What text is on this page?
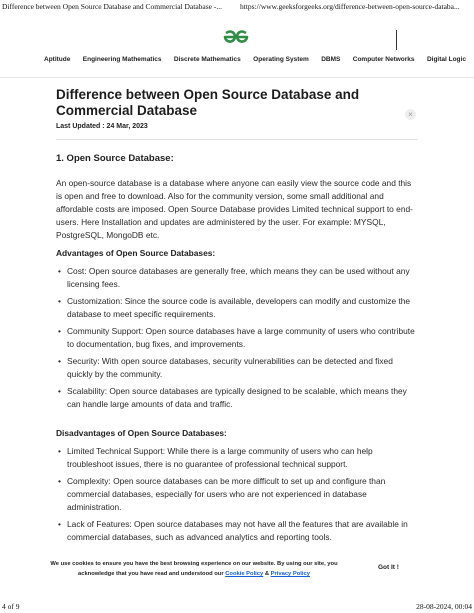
Difference between Open Source Database and Commercial Database -... https://www.geeksforgeeks.org/difference-between-open-source-databa...
Aptitude Engineering Mathematics Discrete Mathematics Operating System DBMS Computer Networks Digital Logic
×
Difference between Open Source Database and Commercial Database
Last Updated : 24 Mar, 2023
1. Open Source Database:

An open-source database is a database where anyone can easily view the source code and this is open and free to download. Also for the community version, some small additional and affordable costs are imposed. Open Source Database provides Limited technical support to end-users. Here Installation and updates are administered by the user. For example: MYSQL, PostgreSQL, MongoDB etc.

Advantages of Open Source Databases:
• Cost: Open source databases are generally free, which means they can be used without any licensing fees.
• Customization: Since the source code is available, developers can modify and customize the database to meet specific requirements.
• Community Support: Open source databases have a large community of users who contribute to documentation, bug fixes, and improvements.
• Security: With open source databases, security vulnerabilities can be detected and fixed quickly by the community.
• Scalability: Open source databases are typically designed to be scalable, which means they can handle large amounts of data and traffic.
Disadvantages of Open Source Databases:
• Limited Technical Support: While there is a large community of users who can help troubleshoot issues, there is no guarantee of professional technical support.
• Complexity: Open source databases can be more difficult to set up and configure than commercial databases, especially for users who are not experienced in database administration.
• Lack of Features: Open source databases may not have all the features that are available in commercial databases, such as advanced analytics and reporting tools.
We use cookies to ensure you have the best browsing experience on our website. By using our site, you
acknowledge that you have read and understood our Cookie Policy & Privacy Policy
Got It !
4 of 9	28-08-2024, 00:04
